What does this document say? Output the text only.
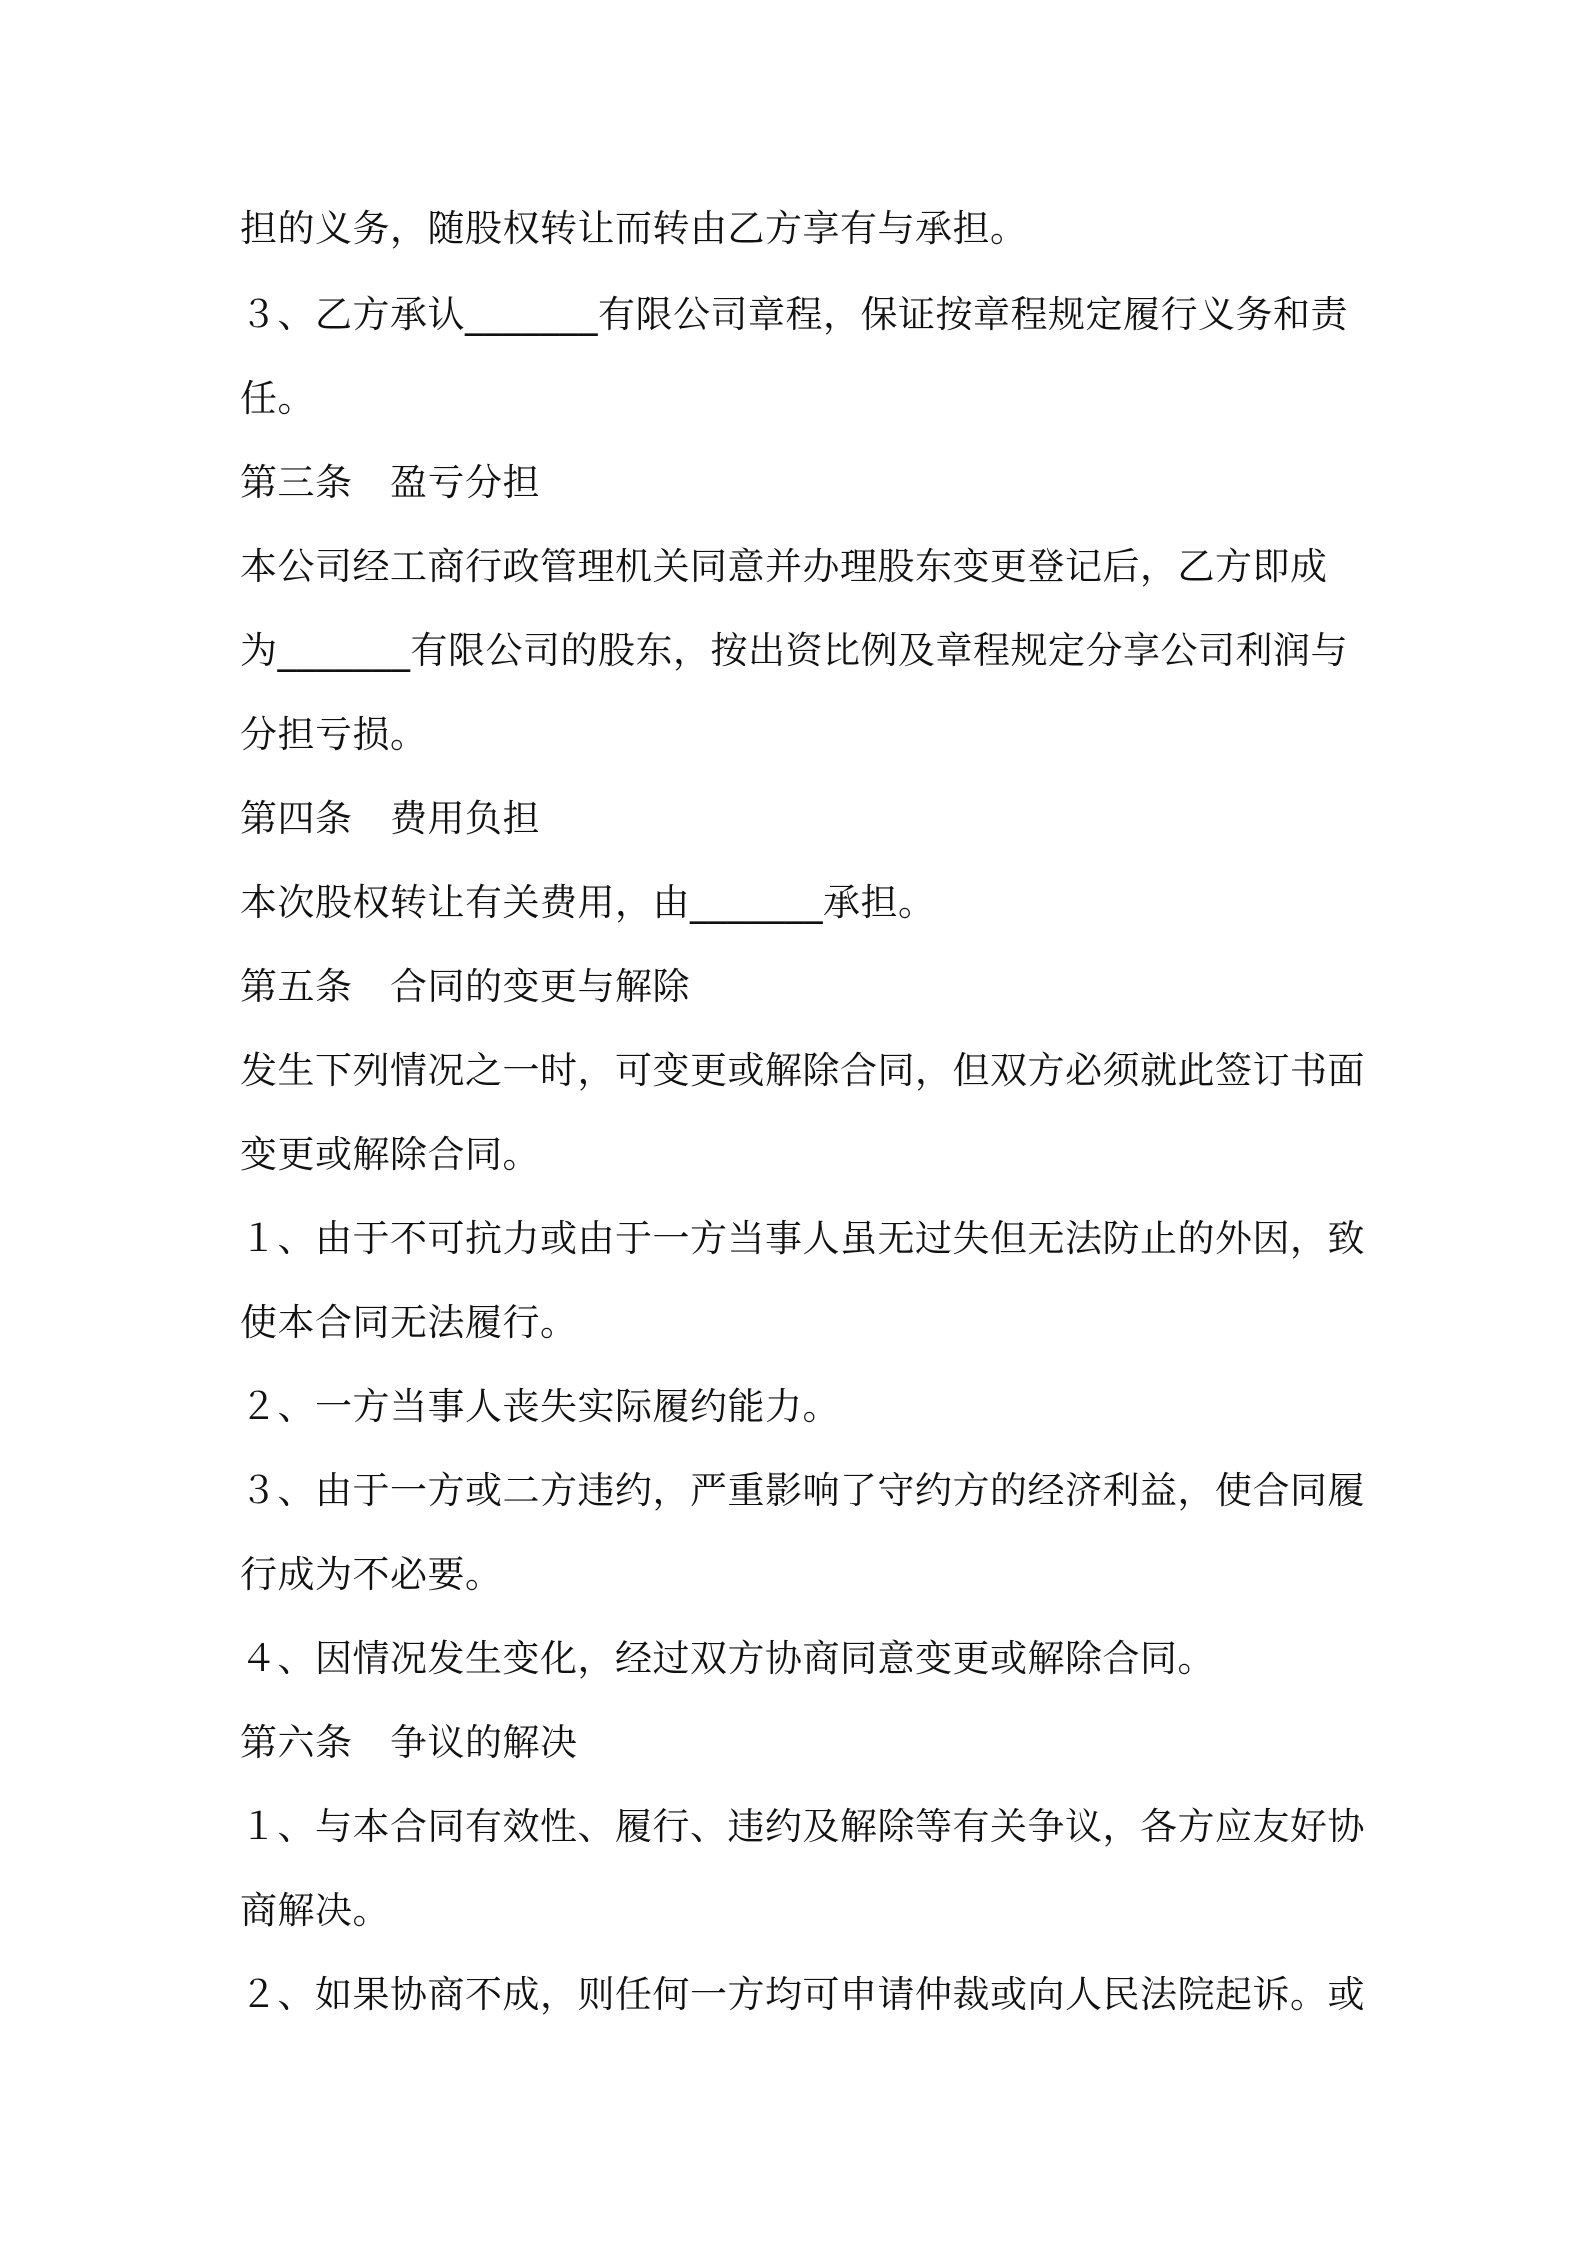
担的义务，随股权转让而转由乙方享有与承担。
３、乙方承认_______有限公司章程，保证按章程规定履行义务和责
任。
第三条　盈亏分担
本公司经工商行政管理机关同意并办理股东变更登记后，乙方即成
为_______有限公司的股东，按出资比例及章程规定分享公司利润与
分担亏损。
第四条　费用负担
本次股权转让有关费用，由_______承担。
第五条　合同的变更与解除
发生下列情况之一时，可变更或解除合同，但双方必须就此签订书面
变更或解除合同。
１、由于不可抗力或由于一方当事人虽无过失但无法防止的外因，致
使本合同无法履行。
２、一方当事人丧失实际履约能力。
３、由于一方或二方违约，严重影响了守约方的经济利益，使合同履
行成为不必要。
４、因情况发生变化，经过双方协商同意变更或解除合同。
第六条　争议的解决
１、与本合同有效性、履行、违约及解除等有关争议，各方应友好协
商解决。
２、如果协商不成，则任何一方均可申请仲裁或向人民法院起诉。或
